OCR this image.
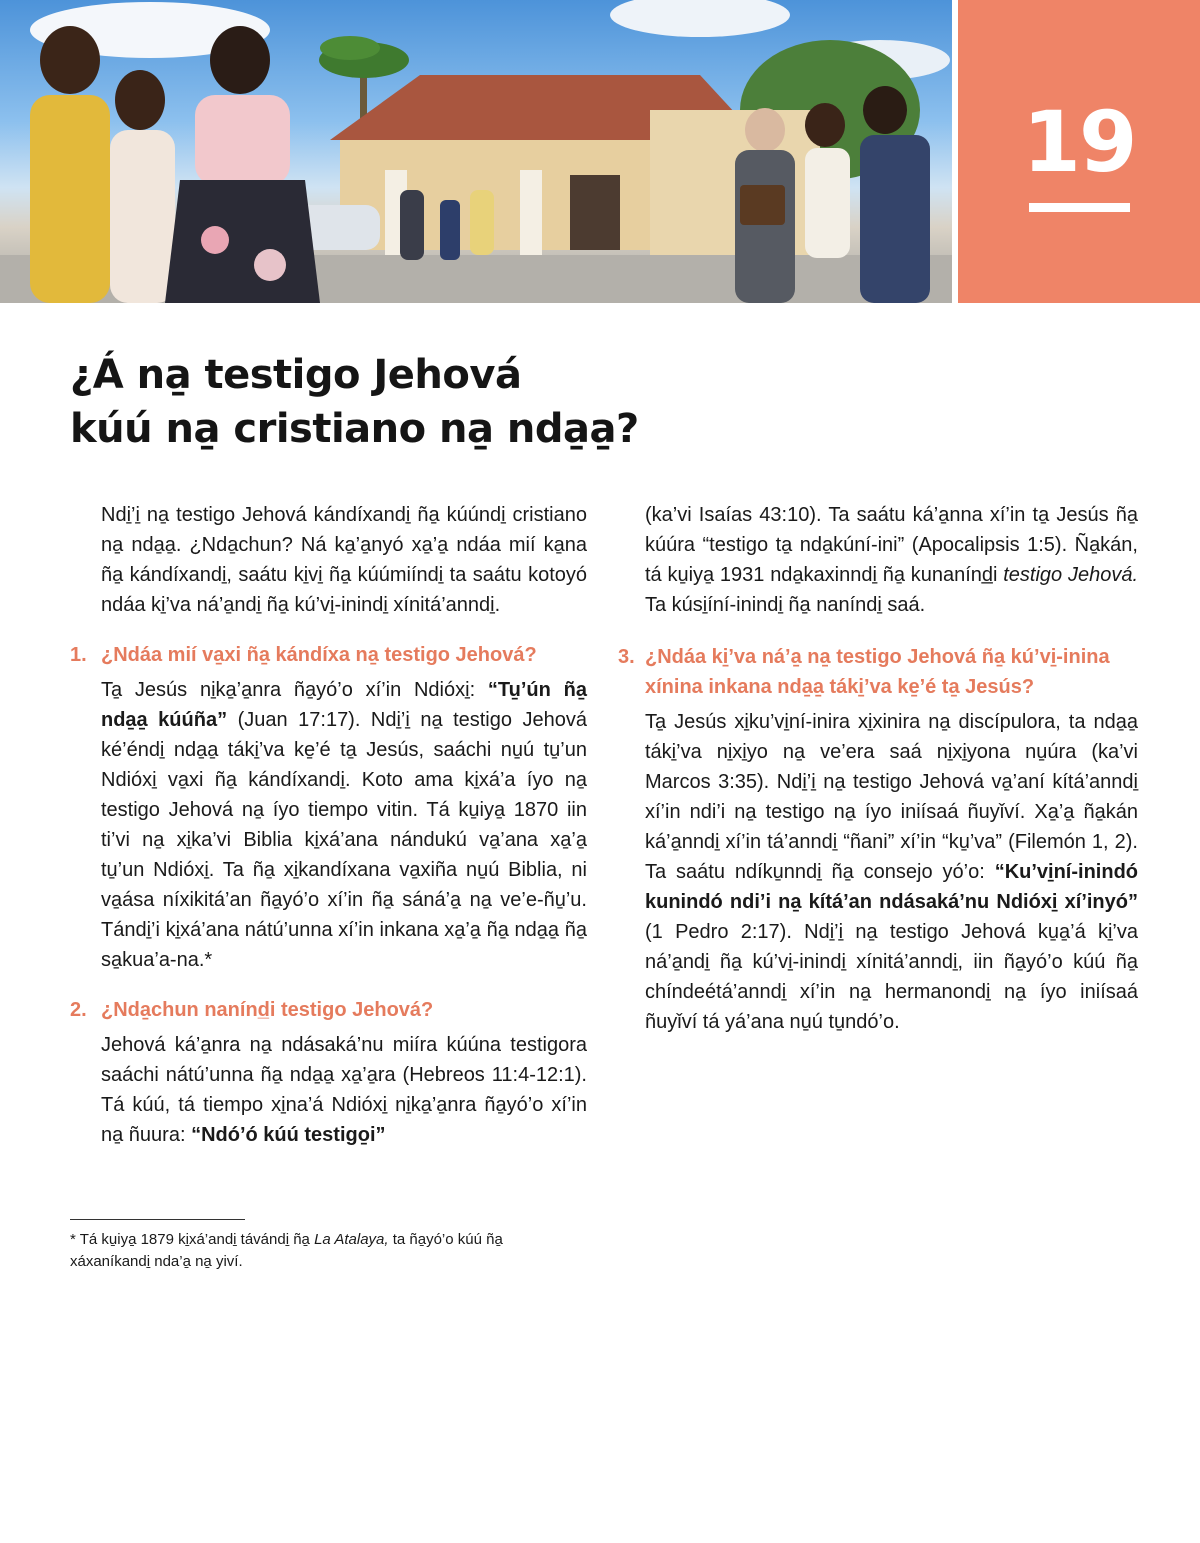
19
¿Á na̱ testigo Jehová
kúú na̱ cristiano na̱ nda̱a̱?

Ndi̱’i̱ na̱ testigo Jehová kándíxandi̱ ña̱ kúúndi̱ cristiano na̱ nda̱a̱. ¿Nda̱chun? Ná ka̱’a̱nyó xa̱’a̱ ndáa mií ka̱na ña̱ kándíxandi̱, saátu ki̱vi̱ ña̱ kúúmiíndi̱ ta saátu kotoyó ndáa ki̱’va ná’a̱ndi̱ ña̱ kú’vi̱-inindi̱ xínitá’anndi̱.

1. ¿Ndáa mií va̱xi ña̱ kándíxa na̱ testigo Jehová?

Ta̱ Jesús ni̱ka̱’a̱nra ña̱yó’o xí’in Ndióxi̱: “Tu̱’ún ña̱ nda̱a̱ kúúña” (Juan 17:17). Ndi̱’i̱ na̱ testigo Jehová ké’éndi̱ nda̱a̱ táki̱’va ke̱’é ta̱ Jesús, saáchi nu̱ú tu̱’un Ndióxi̱ va̱xi ña̱ kándíxandi̱. Koto ama ki̱xá’a íyo na̱ testigo Jehová na̱ íyo tiempo vitin. Tá ku̱iya̱ 1870 iin ti’vi na̱ xi̱ka’vi Biblia ki̱xá’ana nándukú va̱’ana xa̱’a̱ tu̱’un Ndióxi̱. Ta ña̱ xi̱kandíxana va̱xiña nu̱ú Biblia, ni va̱ása níxikitá’an ña̱yó’o xí’in ña̱ sáná’a̱ na̱ ve’e-ñu̱’u. Tándi̱’i ki̱xá’ana nátú’unna xí’in inkana xa̱’a̱ ña̱ nda̱a̱ ña̱ sa̱kua’a-na.*

2. ¿Nda̱chun nanínd̲i testigo Jehová?

Jehová ká’a̱nra na̱ ndásaká’nu miíra kúúna testigora saáchi nátú’unna ña̱ nda̱a̱ xa̱’a̱ra (Hebreos 11:4-12:1). Tá kúú, tá tiempo xi̱na’á Ndióxi̱ ni̱ka̱’a̱nra ña̱yó’o xí’in na̱ ñuura: “Ndó’ó kúú testigo̱i”

(ka’vi Isaías 43:10). Ta saátu ká’a̱nna xí’in ta̱ Jesús ña̱ kúúra “testigo ta̱ nda̱kúní-ini” (Apocalipsis 1:5). Ña̱kán, tá ku̱iya̱ 1931 nda̱kaxinndi̱ ña̱ kunanínd̲i testigo Jehová. Ta kúsi̱íní-inindi̱ ña̱ naníndi̱ saá.

3. ¿Ndáa ki̱’va ná’a̱ na̱ testigo Jehová ña̱ kú’vi̱-inina xínina inkana nda̱a̱ táki̱’va ke̱’é ta̱ Jesús?

Ta̱ Jesús xi̱ku’vi̱ní-inira xi̱xinira na̱ discípulora, ta nda̱a̱ táki̱’va ni̱xi̱yo na̱ ve’era saá ni̱xi̱yona nu̱úra (ka’vi Marcos 3:35). Ndi̱’i̱ na̱ testigo Jehová va̱’aní kítá’anndi̱ xí’in ndi’i na̱ testigo na̱ íyo iniísaá ñuyǐví. Xa̱’a̱ ña̱kán ká’a̱nndi̱ xí’in tá’anndi̱ “ñani” xí’in “ku̱’va” (Filemón 1, 2). Ta saátu ndíku̱nndi̱ ña̱ consejo yó’o: “Ku’vi̱ní-inindó kunindó ndi’i na̱ kítá’an ndásaká’nu Ndióxi̱ xí’inyó” (1 Pedro 2:17). Ndi̱’i̱ na̱ testigo Jehová ku̱a̱’á ki̱’va ná’a̱ndi̱ ña̱ kú’vi̱-inindi̱ xínitá’anndi̱, iin ña̱yó’o kúú ña̱ chíndeétá’anndi̱ xí’in na̱ hermanondi̱ na̱ íyo iniísaá ñuyǐví tá yá’ana nu̱ú tu̱ndó’o.

* Tá ku̱iya̱ 1879 ki̱xá’andi̱ távándi̱ ña̱ La Atalaya, ta ña̱yó’o kúú ña̱ xáxaníkandi̱ nda’a̱ na̱ yiví.
